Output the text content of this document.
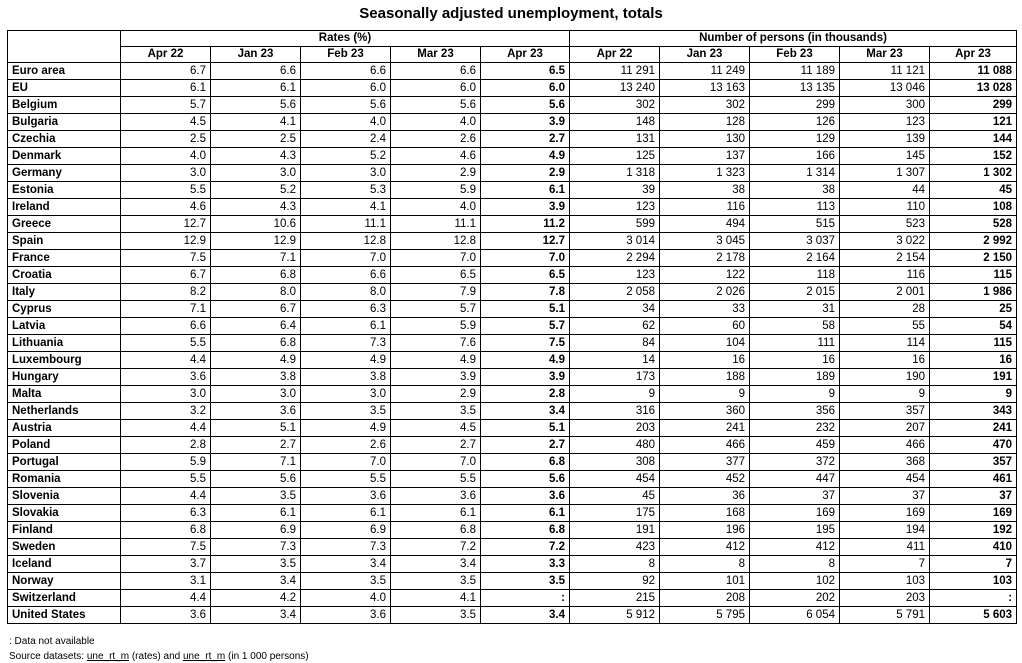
Seasonally adjusted unemployment, totals
	Rates (%)					Number of persons (in thousands)				
	Apr 22	Jan 23	Feb 23	Mar 23	Apr 23	Apr 22	Jan 23	Feb 23	Mar 23	Apr 23
Euro area	6.7	6.6	6.6	6.6	6.5	11 291	11 249	11 189	11 121	11 088
EU	6.1	6.1	6.0	6.0	6.0	13 240	13 163	13 135	13 046	13 028
Belgium	5.7	5.6	5.6	5.6	5.6	302	302	299	300	299
Bulgaria	4.5	4.1	4.0	4.0	3.9	148	128	126	123	121
Czechia	2.5	2.5	2.4	2.6	2.7	131	130	129	139	144
Denmark	4.0	4.3	5.2	4.6	4.9	125	137	166	145	152
Germany	3.0	3.0	3.0	2.9	2.9	1 318	1 323	1 314	1 307	1 302
Estonia	5.5	5.2	5.3	5.9	6.1	39	38	38	44	45
Ireland	4.6	4.3	4.1	4.0	3.9	123	116	113	110	108
Greece	12.7	10.6	11.1	11.1	11.2	599	494	515	523	528
Spain	12.9	12.9	12.8	12.8	12.7	3 014	3 045	3 037	3 022	2 992
France	7.5	7.1	7.0	7.0	7.0	2 294	2 178	2 164	2 154	2 150
Croatia	6.7	6.8	6.6	6.5	6.5	123	122	118	116	115
Italy	8.2	8.0	8.0	7.9	7.8	2 058	2 026	2 015	2 001	1 986
Cyprus	7.1	6.7	6.3	5.7	5.1	34	33	31	28	25
Latvia	6.6	6.4	6.1	5.9	5.7	62	60	58	55	54
Lithuania	5.5	6.8	7.3	7.6	7.5	84	104	111	114	115
Luxembourg	4.4	4.9	4.9	4.9	4.9	14	16	16	16	16
Hungary	3.6	3.8	3.8	3.9	3.9	173	188	189	190	191
Malta	3.0	3.0	3.0	2.9	2.8	9	9	9	9	9
Netherlands	3.2	3.6	3.5	3.5	3.4	316	360	356	357	343
Austria	4.4	5.1	4.9	4.5	5.1	203	241	232	207	241
Poland	2.8	2.7	2.6	2.7	2.7	480	466	459	466	470
Portugal	5.9	7.1	7.0	7.0	6.8	308	377	372	368	357
Romania	5.5	5.6	5.5	5.5	5.6	454	452	447	454	461
Slovenia	4.4	3.5	3.6	3.6	3.6	45	36	37	37	37
Slovakia	6.3	6.1	6.1	6.1	6.1	175	168	169	169	169
Finland	6.8	6.9	6.9	6.8	6.8	191	196	195	194	192
Sweden	7.5	7.3	7.3	7.2	7.2	423	412	412	411	410
Iceland	3.7	3.5	3.4	3.4	3.3	8	8	8	7	7
Norway	3.1	3.4	3.5	3.5	3.5	92	101	102	103	103
Switzerland	4.4	4.2	4.0	4.1	:	215	208	202	203	:
United States	3.6	3.4	3.6	3.5	3.4	5 912	5 795	6 054	5 791	5 603
: Data not available
Source datasets: une_rt_m (rates) and une_rt_m (in 1 000 persons)
